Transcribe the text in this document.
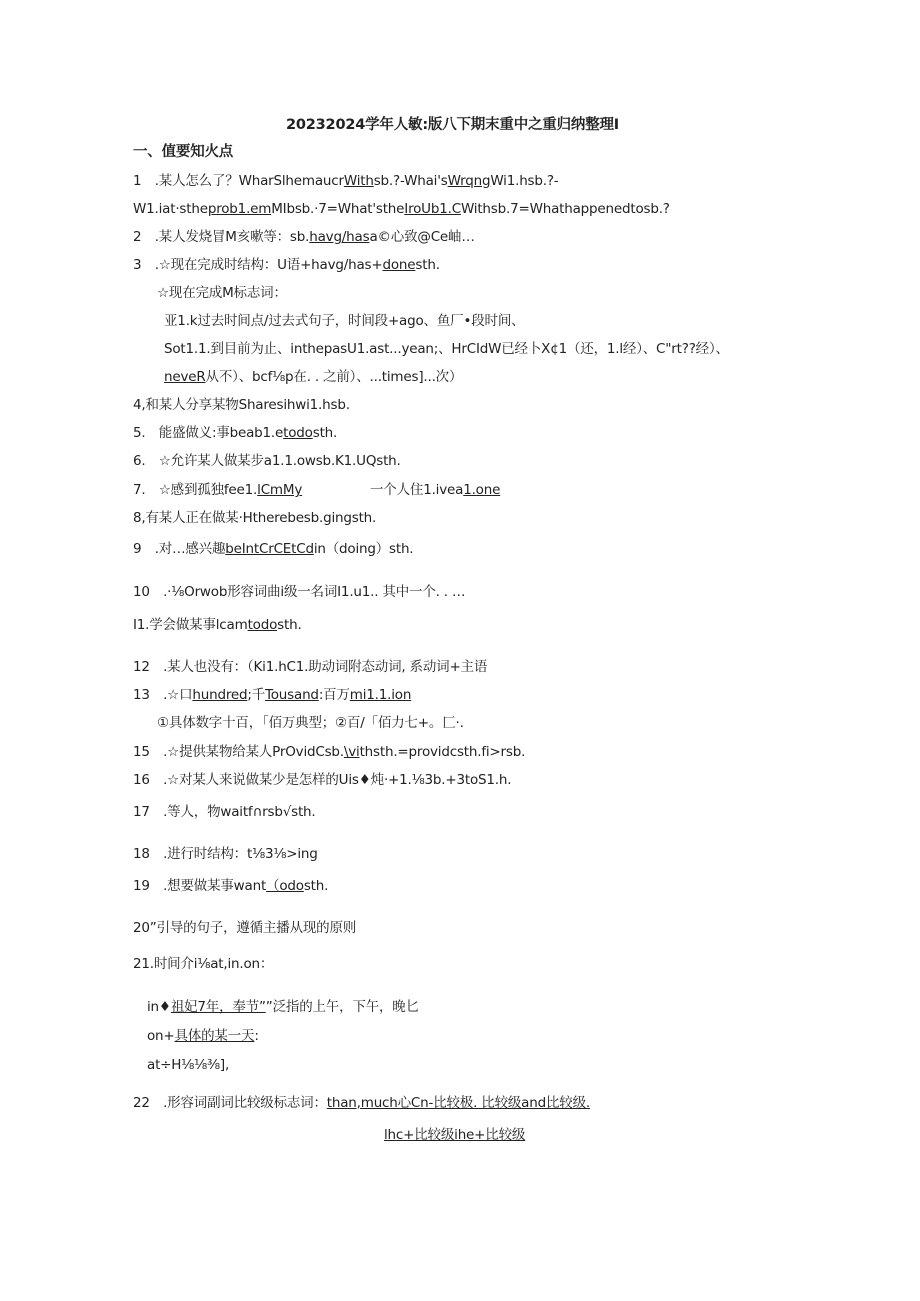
20232024学年人敏:版八下期末重中之重归纳整理I
一、值要知火点
1　.某人怎么了？WharSlhemaucrWithsb.?-Whai'sWrqngWi1.hsb.?-
W1.iat·stheprob1.emMIbsb.·7=What'stheIroUb1.CWithsb.7=Whathappenedtosb.?
2　.某人发烧冒M亥嗽等：sb.havg/hasa©心致@Ce岫…
3　.☆现在完成时结构：U语+havg/has+donesth.
☆现在完成M标志词：
亚1.k过去时间点/过去式句子，时间段+ago、鱼厂•段时间、
Sot1.1.到目前为止、inthepasU1.ast...yean;、HrCIdW已经卜X¢1（还，1.l经）、C"rt??经）、
neveR从不）、bcf⅛p在. . 之前）、...times]...次）
4,和某人分享某物Sharesihwi1.hsb.
5.　能盛做义:事beab1.etodosth.
6.　☆允许某人做某步a1.1.owsb.K1.UQsth.
7.　☆感到孤独fee1.lCmMy	一个人住1.ivea1.one
8,有某人正在做某·Htherebesb.gingsth.
9　.对…感兴趣beIntCrCEtCdin（doing）sth.
10　.·⅛Orwob形容词曲i级一名词I1.u1.. 其中一个. . …
I1.学会做某事lcamtodosth.
12　.某人也没有：（Ki1.hC1.助动词附态动词, 系动词+主语
13　.☆口hundred;千Tousand:百万mi1.1.ion
①具体数字十百，「佰万典型；②百/「佰力七+。匚·.
15　.☆提供某物给某人PrOvidCsb.\vithsth.=providcsth.fi>rsb.
16　.☆对某人来说做某少是怎样的Uis♦炖·+1.⅛3b.+3toS1.h.
17　.等人，物waitf∩rsb√sth.
18　.进行时结构：t⅛3⅛>ing
19　.想要做某事want（odosth.
20”引导的句子，遵循主播从现的原则
21.时间介i⅛at,in.on：
in♦祖妃7年，奉节””泛指的上午，下午，晚匕
on+具体的某一天:
at÷H⅛⅛⅜],
22　.形容词副词比较级标志词：than,much心Cn-比较极. 比较级and比较级.
lhc+比较级ihe+比较级
